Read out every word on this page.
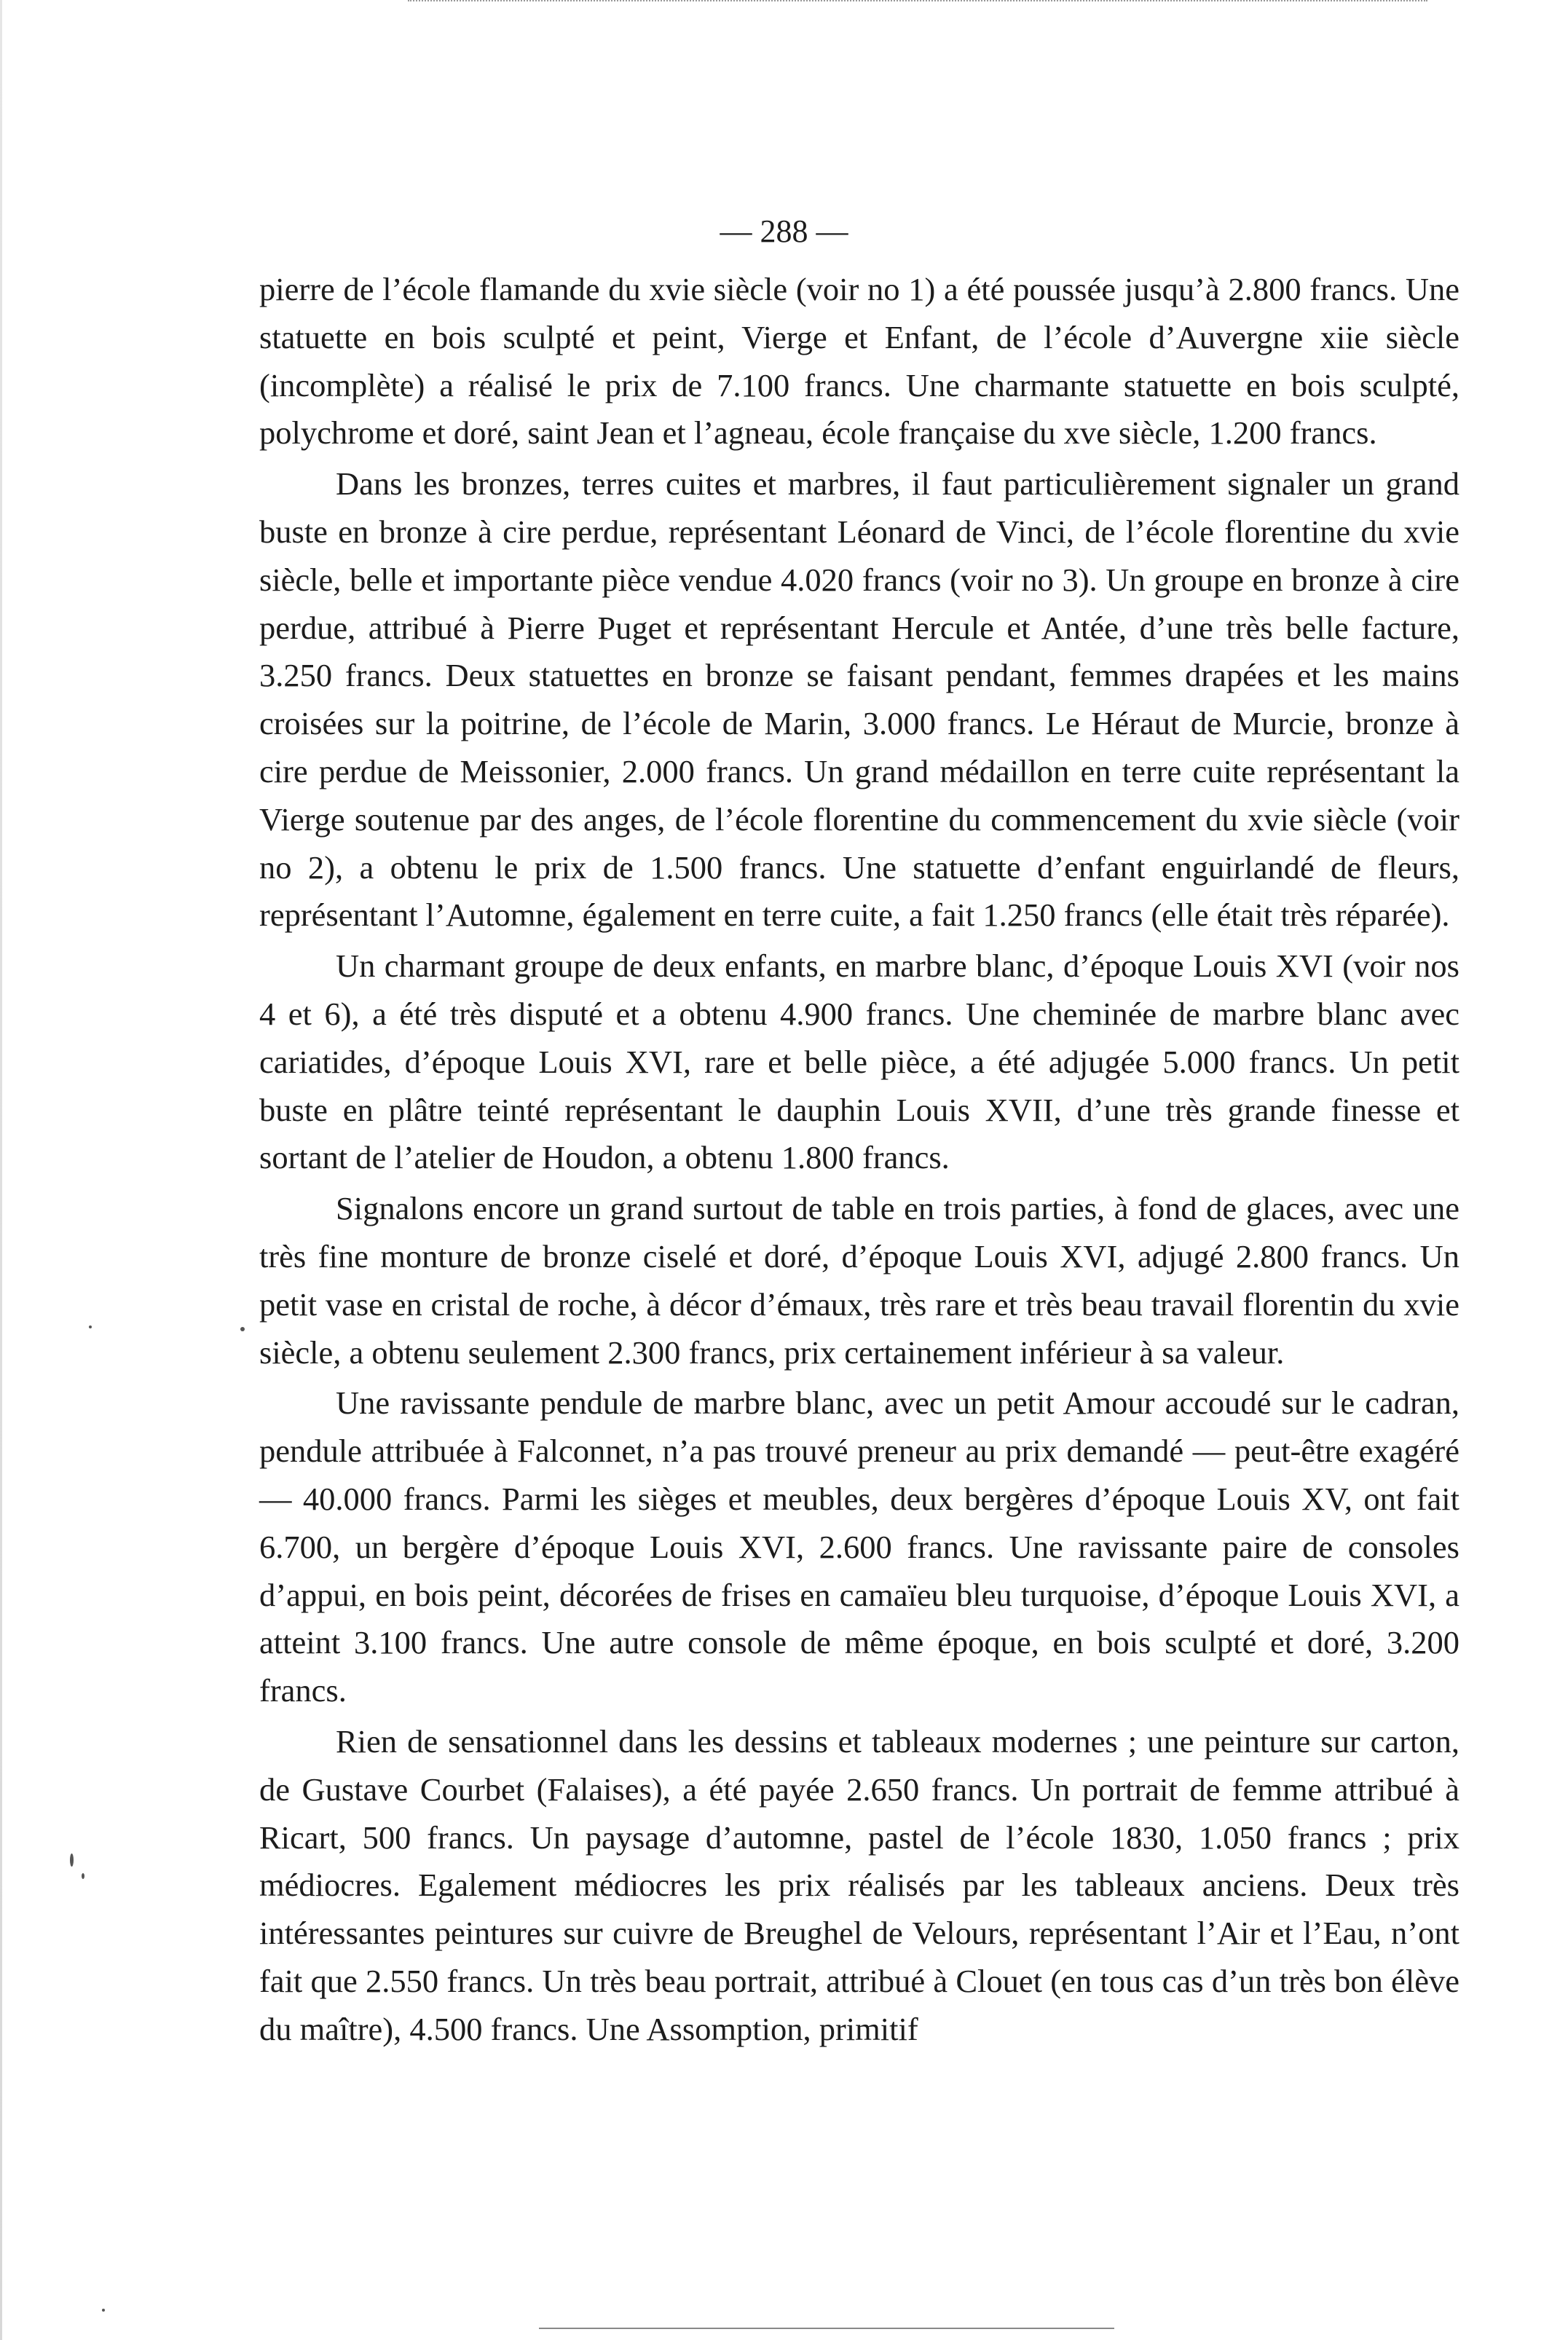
— 288 —

pierre de l’école flamande du xvie siècle (voir no 1) a été poussée jusqu’à 2.800 francs. Une statuette en bois sculpté et peint, Vierge et Enfant, de l’école d’Auvergne xiie siècle (incomplète) a réalisé le prix de 7.100 francs. Une charmante statuette en bois sculpté, polychrome et doré, saint Jean et l’agneau, école française du xve siècle, 1.200 francs.

Dans les bronzes, terres cuites et marbres, il faut particulièrement signaler un grand buste en bronze à cire perdue, représentant Léonard de Vinci, de l’école florentine du xvie siècle, belle et importante pièce vendue 4.020 francs (voir no 3). Un groupe en bronze à cire perdue, attribué à Pierre Puget et représentant Hercule et Antée, d’une très belle facture, 3.250 francs. Deux statuettes en bronze se faisant pendant, femmes drapées et les mains croisées sur la poitrine, de l’école de Marin, 3.000 francs. Le Héraut de Murcie, bronze à cire perdue de Meissonier, 2.000 francs. Un grand médaillon en terre cuite représentant la Vierge soutenue par des anges, de l’école florentine du commencement du xvie siècle (voir no 2), a obtenu le prix de 1.500 francs. Une statuette d’enfant enguirlandé de fleurs, représentant l’Automne, également en terre cuite, a fait 1.250 francs (elle était très réparée).

Un charmant groupe de deux enfants, en marbre blanc, d’époque Louis XVI (voir nos 4 et 6), a été très disputé et a obtenu 4.900 francs. Une cheminée de marbre blanc avec cariatides, d’époque Louis XVI, rare et belle pièce, a été adjugée 5.000 francs. Un petit buste en plâtre teinté représentant le dauphin Louis XVII, d’une très grande finesse et sortant de l’atelier de Houdon, a obtenu 1.800 francs.

Signalons encore un grand surtout de table en trois parties, à fond de glaces, avec une très fine monture de bronze ciselé et doré, d’époque Louis XVI, adjugé 2.800 francs. Un petit vase en cristal de roche, à décor d’émaux, très rare et très beau travail florentin du xvie siècle, a obtenu seulement 2.300 francs, prix certainement inférieur à sa valeur.

Une ravissante pendule de marbre blanc, avec un petit Amour accoudé sur le cadran, pendule attribuée à Falconnet, n’a pas trouvé preneur au prix demandé — peut-être exagéré — 40.000 francs. Parmi les sièges et meubles, deux bergères d’époque Louis XV, ont fait 6.700, un bergère d’époque Louis XVI, 2.600 francs. Une ravissante paire de consoles d’appui, en bois peint, décorées de frises en camaïeu bleu turquoise, d’époque Louis XVI, a atteint 3.100 francs. Une autre console de même époque, en bois sculpté et doré, 3.200 francs.

Rien de sensationnel dans les dessins et tableaux modernes ; une peinture sur carton, de Gustave Courbet (Falaises), a été payée 2.650 francs. Un portrait de femme attribué à Ricart, 500 francs. Un paysage d’automne, pastel de l’école 1830, 1.050 francs ; prix médiocres. Egalement médiocres les prix réalisés par les tableaux anciens. Deux très intéressantes peintures sur cuivre de Breughel de Velours, représentant l’Air et l’Eau, n’ont fait que 2.550 francs. Un très beau portrait, attribué à Clouet (en tous cas d’un très bon élève du maître), 4.500 francs. Une Assomption, primitif
